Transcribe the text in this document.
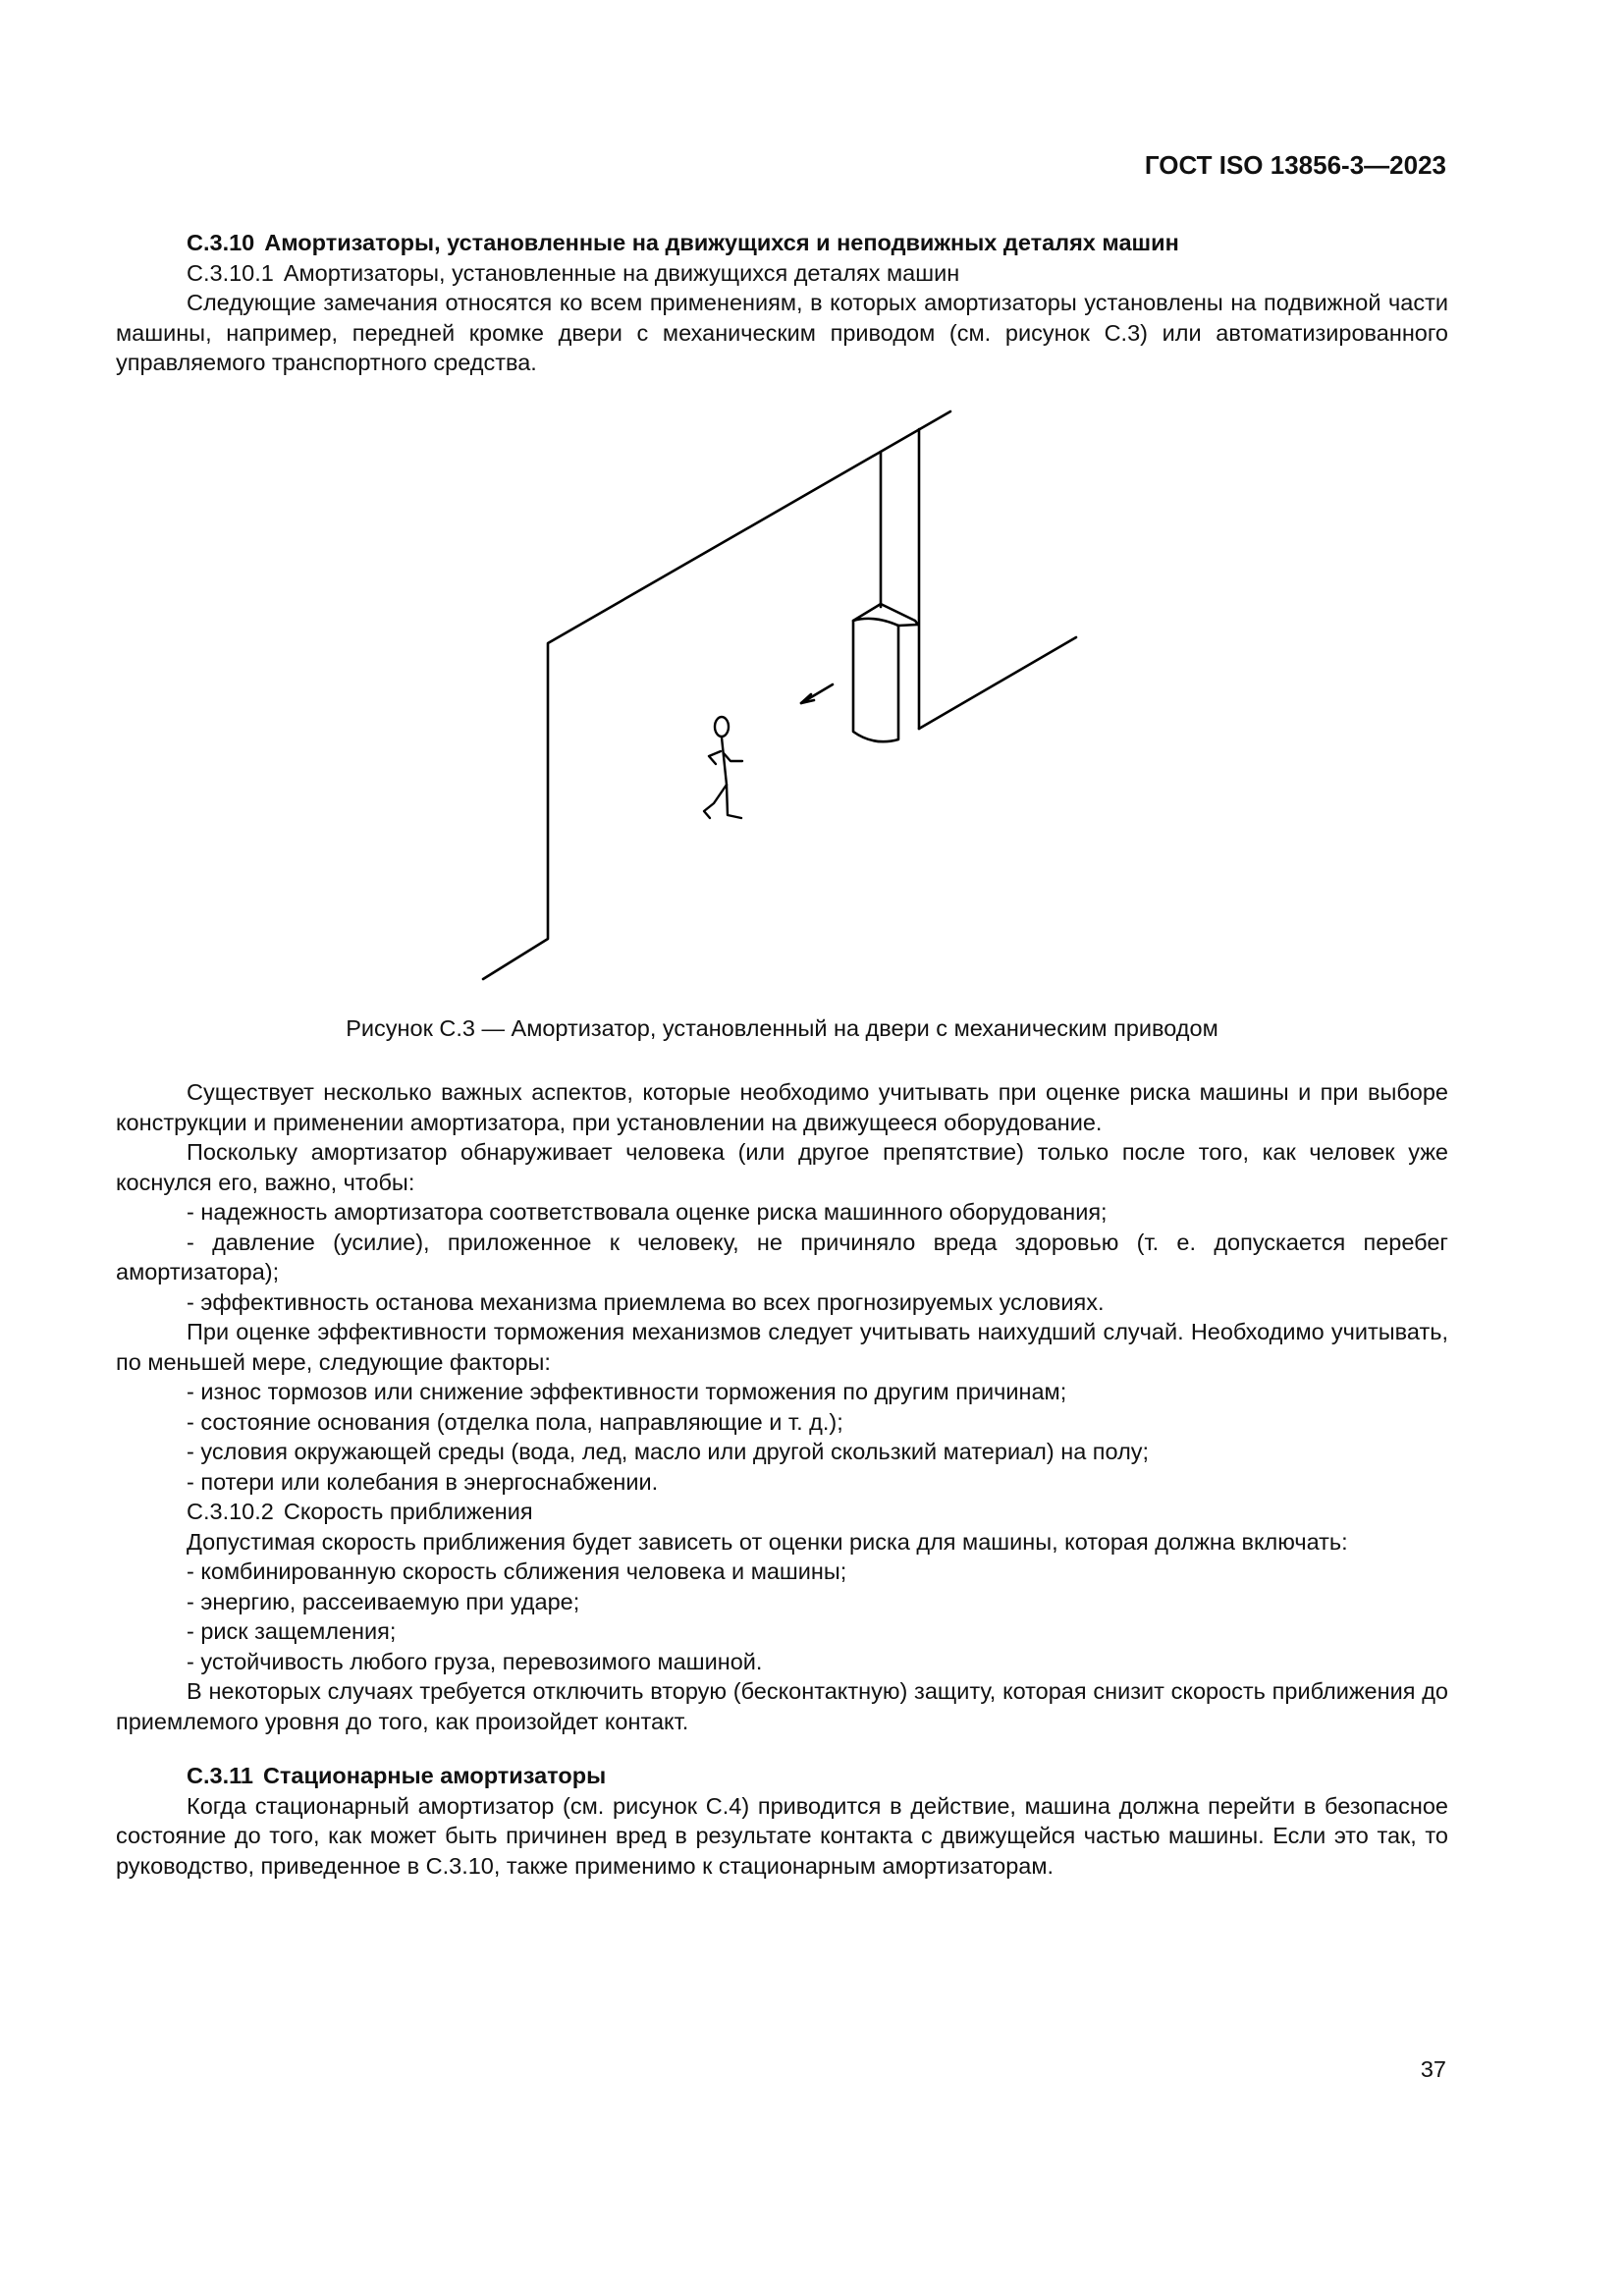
ГОСТ ISO 13856-3—2023

С.3.10 Амортизаторы, установленные на движущихся и неподвижных деталях машин

С.3.10.1 Амортизаторы, установленные на движущихся деталях машин

Следующие замечания относятся ко всем применениям, в которых амортизаторы установлены на подвижной части машины, например, передней кромке двери с механическим приводом (см. рисунок С.3) или автоматизированного управляемого транспортного средства.

Рисунок С.3 — Амортизатор, установленный на двери с механическим приводом

Существует несколько важных аспектов, которые необходимо учитывать при оценке риска машины и при выборе конструкции и применении амортизатора, при установлении на движущееся оборудование.

Поскольку амортизатор обнаруживает человека (или другое препятствие) только после того, как человек уже коснулся его, важно, чтобы:

- надежность амортизатора соответствовала оценке риска машинного оборудования;

- давление (усилие), приложенное к человеку, не причиняло вреда здоровью (т. е. допускается перебег амортизатора);

- эффективность останова механизма приемлема во всех прогнозируемых условиях.

При оценке эффективности торможения механизмов следует учитывать наихудший случай. Необходимо учитывать, по меньшей мере, следующие факторы:

- износ тормозов или снижение эффективности торможения по другим причинам;

- состояние основания (отделка пола, направляющие и т. д.);

- условия окружающей среды (вода, лед, масло или другой скользкий материал) на полу;

- потери или колебания в энергоснабжении.

С.3.10.2 Скорость приближения

Допустимая скорость приближения будет зависеть от оценки риска для машины, которая должна включать:

- комбинированную скорость сближения человека и машины;

- энергию, рассеиваемую при ударе;

- риск защемления;

- устойчивость любого груза, перевозимого машиной.

В некоторых случаях требуется отключить вторую (бесконтактную) защиту, которая снизит скорость приближения до приемлемого уровня до того, как произойдет контакт.

С.3.11 Стационарные амортизаторы

Когда стационарный амортизатор (см. рисунок С.4) приводится в действие, машина должна перейти в безопасное состояние до того, как может быть причинен вред в результате контакта с движущейся частью машины. Если это так, то руководство, приведенное в С.3.10, также применимо к стационарным амортизаторам.

37
